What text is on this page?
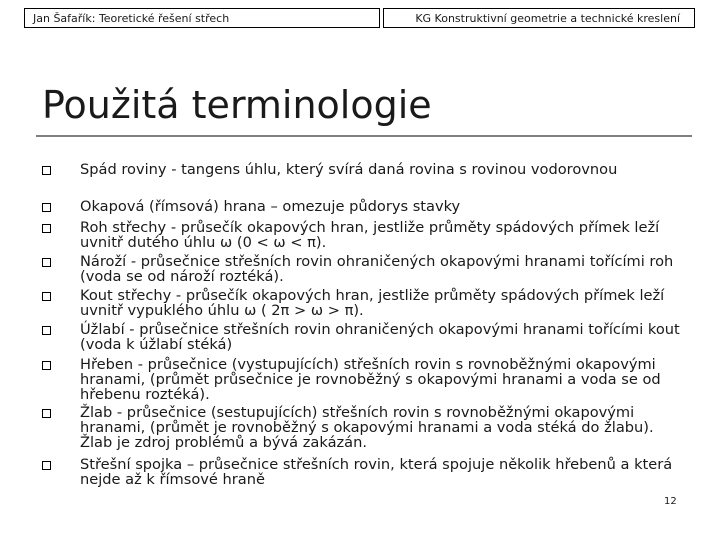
Jan Šafařík: Teoretické řešení střech	KG Konstruktivní geometrie a technické kreslení
Použitá terminologie
Spád roviny - tangens úhlu, který svírá daná rovina s rovinou vodorovnou
Okapová (římsová) hrana – omezuje půdorys stavky
Roh střechy - průsečík okapových hran, jestliže průměty spádových přímek leží uvnitř dutého úhlu ω (0 < ω < π).
Nároží - průsečnice střešních rovin ohraničených okapovými hranami tořícími roh (voda se od nároží roztéká).
Kout střechy - průsečík okapových hran, jestliže průměty spádových přímek leží uvnitř vypuklého úhlu ω ( 2π > ω > π).
Úžlabí - průsečnice střešních rovin ohraničených okapovými hranami tořícími kout (voda k úžlabí stéká)
Hřeben - průsečnice (vystupujících) střešních rovin s rovnoběžnými okapovými hranami, (průmět průsečnice je rovnoběžný s okapovými hranami a voda se od hřebenu roztéká).
Žlab - průsečnice (sestupujících) střešních rovin s rovnoběžnými okapovými hranami, (průmět je rovnoběžný s okapovými hranami a voda stéká do žlabu). Žlab je zdroj problémů a bývá zakázán.
Střešní spojka – průsečnice střešních rovin, která spojuje několik hřebenů a která nejde až k římsové hraně
12
